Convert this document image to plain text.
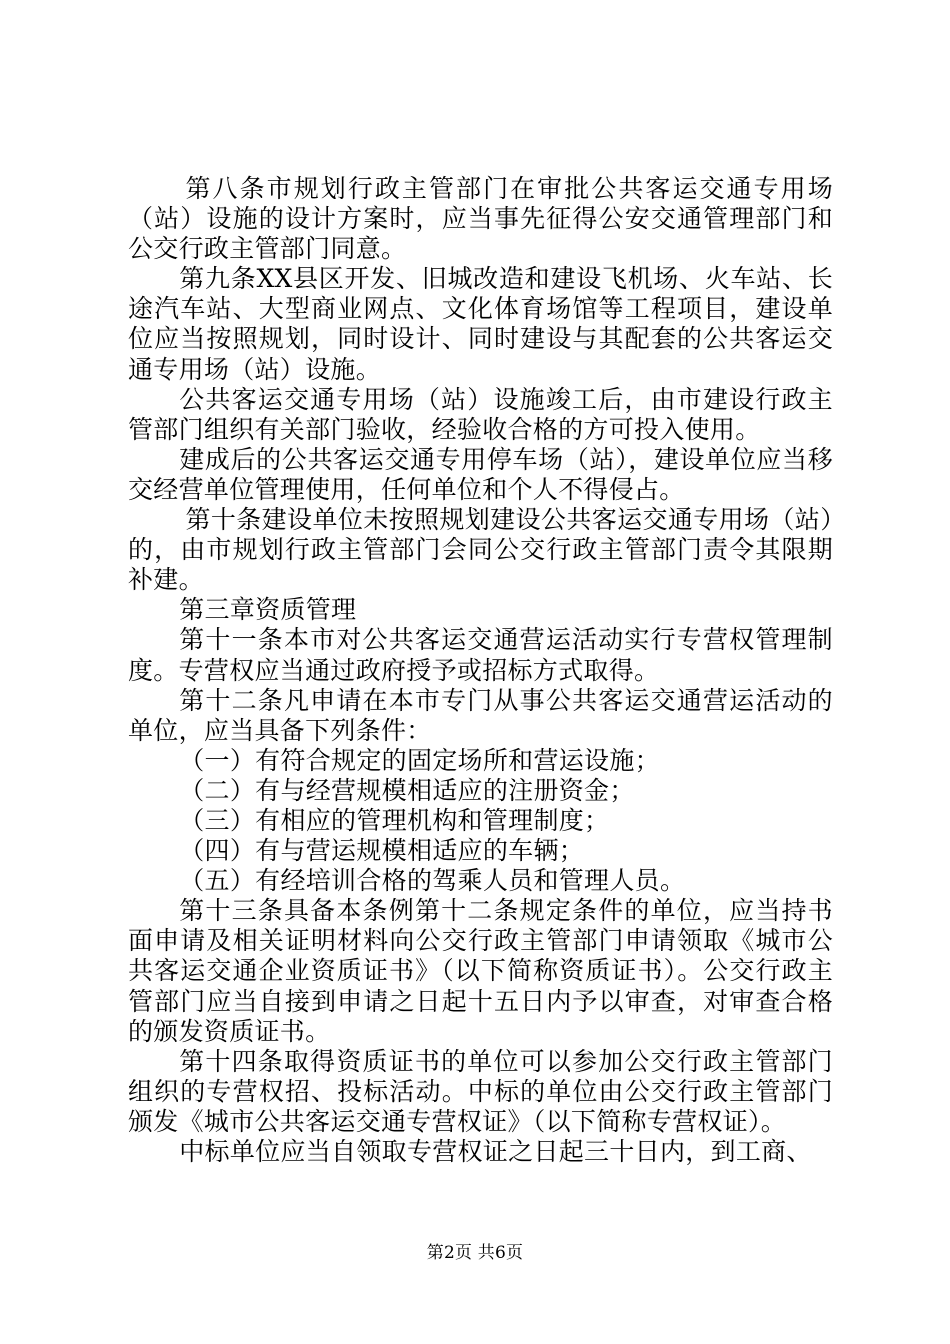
第八条市规划行政主管部门在审批公共客运交通专用场（站）设施的设计方案时，应当事先征得公安交通管理部门和公交行政主管部门同意。

第九条XX县区开发、旧城改造和建设飞机场、火车站、长途汽车站、大型商业网点、文化体育场馆等工程项目，建设单位应当按照规划，同时设计、同时建设与其配套的公共客运交通专用场（站）设施。

公共客运交通专用场（站）设施竣工后，由市建设行政主管部门组织有关部门验收，经验收合格的方可投入使用。

建成后的公共客运交通专用停车场（站），建设单位应当移交经营单位管理使用，任何单位和个人不得侵占。

第十条建设单位未按照规划建设公共客运交通专用场（站）的，由市规划行政主管部门会同公交行政主管部门责令其限期补建。

第三章资质管理

第十一条本市对公共客运交通营运活动实行专营权管理制度。专营权应当通过政府授予或招标方式取得。

第十二条凡申请在本市专门从事公共客运交通营运活动的单位，应当具备下列条件：

（一）有符合规定的固定场所和营运设施；

（二）有与经营规模相适应的注册资金；

（三）有相应的管理机构和管理制度；

（四）有与营运规模相适应的车辆；

（五）有经培训合格的驾乘人员和管理人员。

第十三条具备本条例第十二条规定条件的单位，应当持书面申请及相关证明材料向公交行政主管部门申请领取《城市公共客运交通企业资质证书》（以下简称资质证书）。公交行政主管部门应当自接到申请之日起十五日内予以审查，对审查合格的颁发资质证书。

第十四条取得资质证书的单位可以参加公交行政主管部门组织的专营权招、投标活动。中标的单位由公交行政主管部门颁发《城市公共客运交通专营权证》（以下简称专营权证）。

中标单位应当自领取专营权证之日起三十日内，到工商、

第2页 共6页
